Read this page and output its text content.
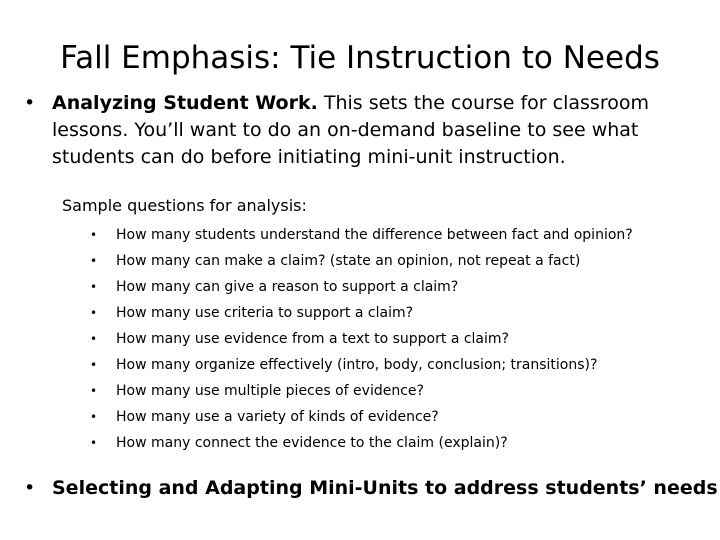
Fall Emphasis: Tie Instruction to Needs
• Analyzing Student Work. This sets the course for classroom lessons. You’ll want to do an on-demand baseline to see what students can do before initiating mini-unit instruction.
Sample questions for analysis:
• How many students understand the difference between fact and opinion?
• How many can make a claim? (state an opinion, not repeat a fact)
• How many can give a reason to support a claim?
• How many use criteria to support a claim?
• How many use evidence from a text to support a claim?
• How many organize effectively (intro, body, conclusion; transitions)?
• How many use multiple pieces of evidence?
• How many use a variety of kinds of evidence?
• How many connect the evidence to the claim (explain)?
• Selecting and Adapting Mini-Units to address students’ needs
